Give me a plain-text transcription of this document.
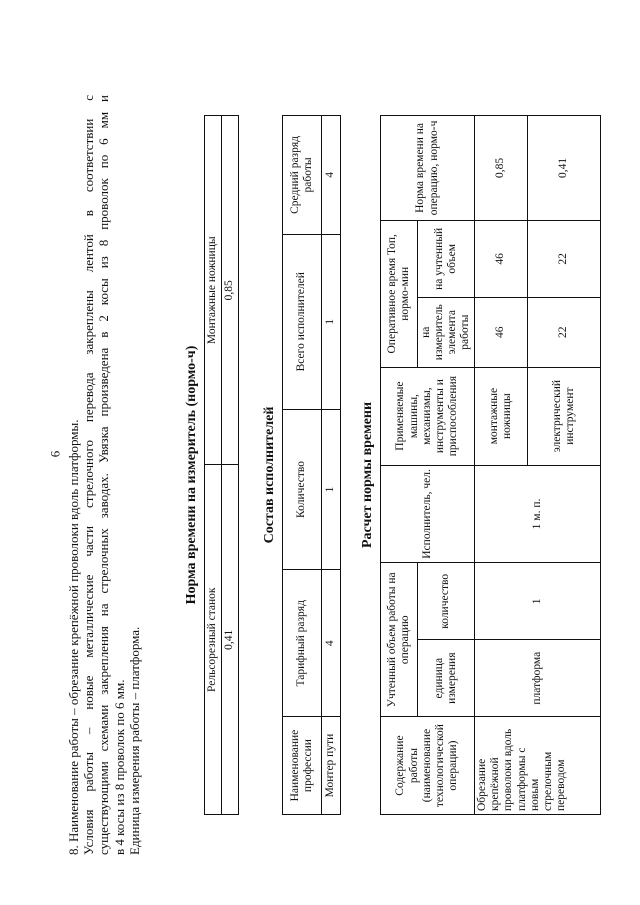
6 8. Наименование работы – обрезание крепёжной проволоки вдоль платформы. Условия работы – новые металлические части стрелочного перевода закреплены лентой в соответствии с существующими схемами закрепления на стрелочных заводах. Увязка произведена в 2 косы из 8 проволок по 6 мм и в 4 косы из 8 проволок по 6 мм. Единица измерения работы – платформа.

Норма времени на измеритель (нормо-ч)
Рельсорезный станок	Монтажные ножницы
0,41	0,85
Состав исполнителей
Наименование профессии	Тарифный разряд	Количество	Всего исполнителей	Средний разряд работы
Монтер пути	4	1	1	4
Расчет нормы времени
Содержание работы (наименование технологической операции)	Учтенный объем работы на операцию		Исполнитель, чел.	Применяемые машины, механизмы, инструменты и приспособления	Оперативное время Топ, нормо-мин		Норма времени на операцию, нормо-ч
	единица измерения	количество			на измеритель элемента работы	на учтенный объем	
Обрезание крепёжной проволоки вдоль платформы с новым стрелочным переводом	платформа	1	1 м. п.	монтажные ножницы	46	46	0,85
				электрический инструмент	22	22	0,41
